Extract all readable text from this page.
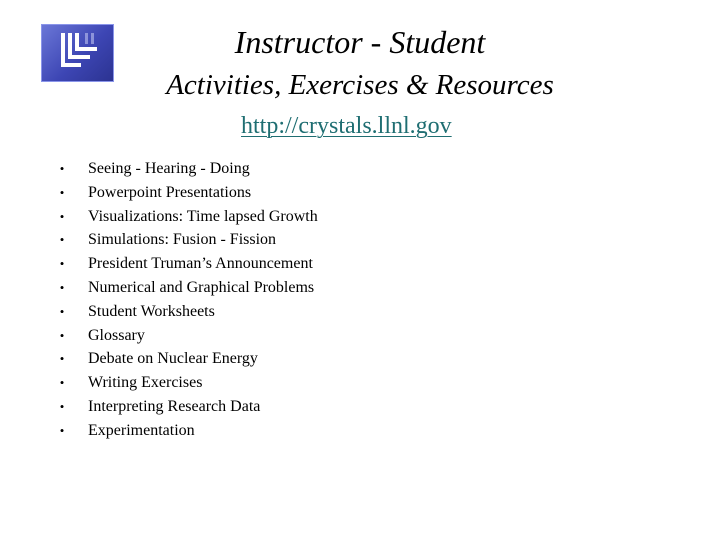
Instructor - Student
Activities, Exercises & Resources
http://crystals.llnl.gov
• Seeing - Hearing - Doing
• Powerpoint Presentations
• Visualizations: Time lapsed Growth
• Simulations: Fusion - Fission
• President Truman’s Announcement
• Numerical and Graphical Problems
• Student Worksheets
• Glossary
• Debate on Nuclear Energy
• Writing Exercises
• Interpreting Research Data
• Experimentation
